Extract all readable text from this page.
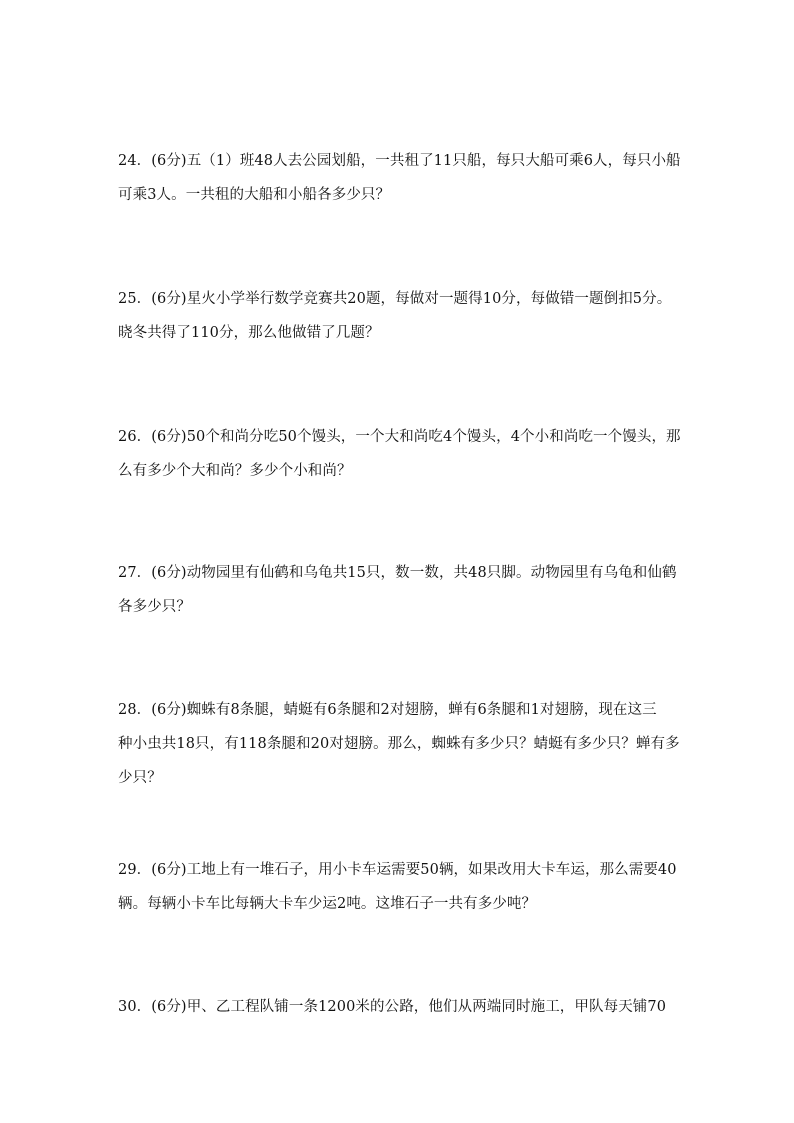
24．(6分)五（1）班48人去公园划船，一共租了11只船，每只大船可乘6人，每只小船
可乘3人。一共租的大船和小船各多少只？
25．(6分)星火小学举行数学竞赛共20题，每做对一题得10分，每做错一题倒扣5分。
晓冬共得了110分，那么他做错了几题？
26．(6分)50个和尚分吃50个馒头，一个大和尚吃4个馒头，4个小和尚吃一个馒头，那
么有多少个大和尚？多少个小和尚？
27．(6分)动物园里有仙鹤和乌龟共15只，数一数，共48只脚。动物园里有乌龟和仙鹤
各多少只？
28．(6分)蜘蛛有8条腿，蜻蜓有6条腿和2对翅膀，蝉有6条腿和1对翅膀，现在这三
种小虫共18只，有118条腿和20对翅膀。那么，蜘蛛有多少只？蜻蜓有多少只？蝉有多
少只？
29．(6分)工地上有一堆石子，用小卡车运需要50辆，如果改用大卡车运，那么需要40
辆。每辆小卡车比每辆大卡车少运2吨。这堆石子一共有多少吨？
30．(6分)甲、乙工程队铺一条1200米的公路，他们从两端同时施工，甲队每天铺70
